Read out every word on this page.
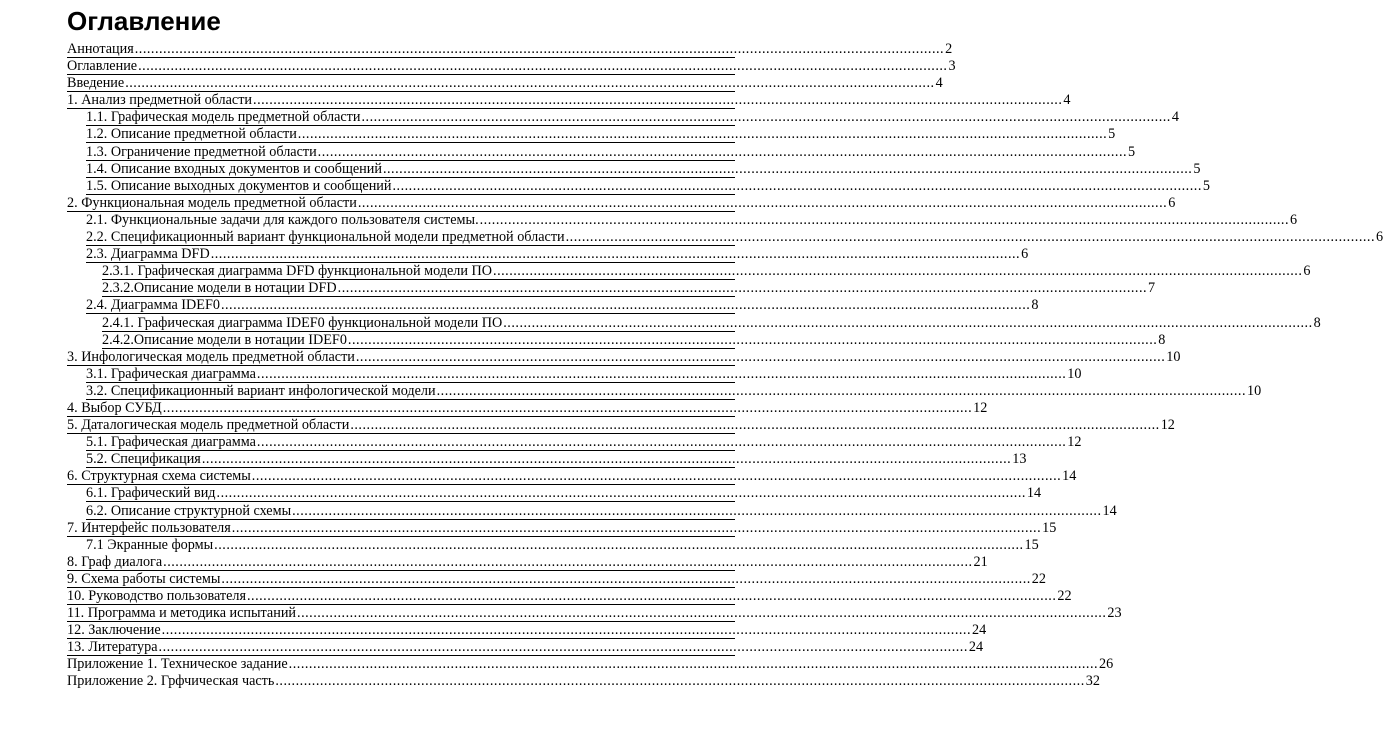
Оглавление
Аннотация ........................................................................................................................................................................................................ 2
Оглавление ........................................................................................................................................................................................................ 3
Введение ........................................................................................................................................................................................................ 4
1. Анализ предметной области ........................................................................................................................................................................................................ 4
1.1. Графическая модель предметной области ........................................................................................................................................................................................................ 4
1.2. Описание предметной области ........................................................................................................................................................................................................ 5
1.3. Ограничение предметной области ........................................................................................................................................................................................................ 5
1.4. Описание входных документов и сообщений ........................................................................................................................................................................................................ 5
1.5. Описание выходных документов и сообщений ........................................................................................................................................................................................................ 5
2. Функциональная модель предметной области ........................................................................................................................................................................................................ 6
2.1. Функциональные задачи для каждого пользователя системы. ........................................................................................................................................................................................................ 6
2.2. Спецификационный вариант функциональной модели предметной области ........................................................................................................................................................................................................ 6
2.3. Диаграмма DFD ........................................................................................................................................................................................................ 6
2.3.1. Графическая диаграмма DFD функциональной модели ПО ........................................................................................................................................................................................................ 6
2.3.2.Описание модели в нотации DFD ........................................................................................................................................................................................................ 7
2.4. Диаграмма IDEF0 ........................................................................................................................................................................................................ 8
2.4.1. Графическая диаграмма IDEF0 функциональной модели ПО ........................................................................................................................................................................................................ 8
2.4.2.Описание модели в нотации IDEF0 ........................................................................................................................................................................................................ 8
3. Инфологическая модель предметной области ........................................................................................................................................................................................................ 10
3.1. Графическая диаграмма ........................................................................................................................................................................................................ 10
3.2. Спецификационный вариант инфологической модели ........................................................................................................................................................................................................ 10
4. Выбор СУБД ........................................................................................................................................................................................................ 12
5. Даталогическая модель предметной области ........................................................................................................................................................................................................ 12
5.1. Графическая диаграмма ........................................................................................................................................................................................................ 12
5.2. Спецификация ........................................................................................................................................................................................................ 13
6. Структурная схема системы ........................................................................................................................................................................................................ 14
6.1. Графический вид ........................................................................................................................................................................................................ 14
6.2. Описание структурной схемы ........................................................................................................................................................................................................ 14
7. Интерфейс пользователя ........................................................................................................................................................................................................ 15
7.1 Экранные формы ........................................................................................................................................................................................................ 15
8. Граф диалога ........................................................................................................................................................................................................ 21
9. Схема работы системы ........................................................................................................................................................................................................ 22
10. Руководство пользователя ........................................................................................................................................................................................................ 22
11. Программа и методика испытаний ........................................................................................................................................................................................................ 23
12. Заключение ........................................................................................................................................................................................................ 24
13. Литература ........................................................................................................................................................................................................ 24
Приложение 1. Техническое задание ........................................................................................................................................................................................................ 26
Приложение 2. Грфчическая часть ........................................................................................................................................................................................................ 32
